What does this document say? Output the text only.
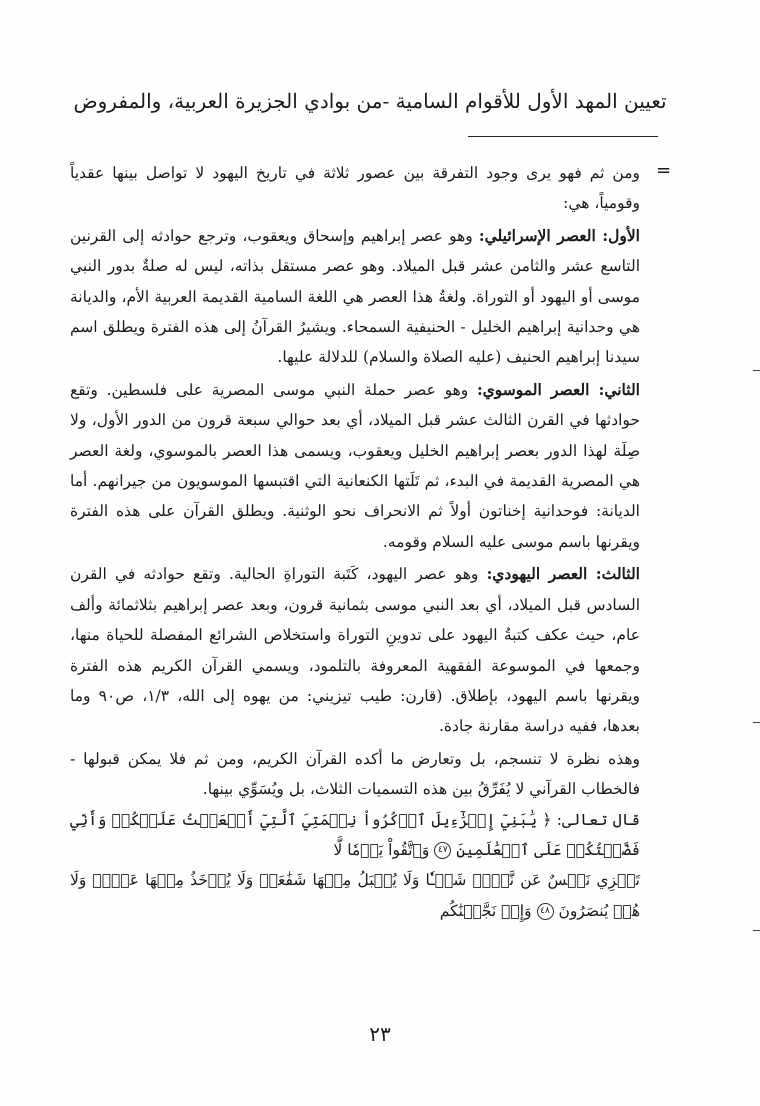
تعيين المهد الأول للأقوام السامية -من بوادي الجزيرة العربية، والمفروض
=

ومن ثم فهو يرى وجود التفرقة بين عصور ثلاثة في تاريخ اليهود لا تواصل بينها عقدياً وقومياً، هي:

الأول: العصر الإسرائيلي: وهو عصر إبراهيم وإسحاق ويعقوب، وترجع حوادثه إلى القرنين التاسع عشر والثامن عشر قبل الميلاد. وهو عصر مستقل بذاته، ليس له صلةٌ بدور النبي موسى أو اليهود أو التوراة. ولغةُ هذا العصر هي اللغة السامية القديمة العربية الأم، والديانة هي وحدانية إبراهيم الخليل - الحنيفية السمحاء. ويشيرُ القرآنُ إلى هذه الفترة ويطلق اسم سيدنا إبراهيم الحنيف (عليه الصلاة والسلام) للدلالة عليها.

الثاني: العصر الموسوي: وهو عصر حملة النبي موسى المصرية على فلسطين. وتقع حوادثها في القرن الثالث عشر قبل الميلاد، أي بعد حوالي سبعة قرون من الدور الأول، ولا صِلَة لهذا الدور بعصر إبراهيم الخليل ويعقوب، ويسمى هذا العصر بالموسوي، ولغة العصر هي المصرية القديمة في البدء، ثم تَلَتها الكنعانية التي اقتبسها الموسويون من جيرانهم. أما الديانة: فوحدانية إخناتون أولاً ثم الانحراف نحو الوثنية. ويطلق القرآن على هذه الفترة ويقرنها باسم موسى عليه السلام وقومه.

الثالث: العصر اليهودي: وهو عصر اليهود، كَتَبة التوراةِ الحالية. وتقع حوادثه في القرن السادس قبل الميلاد، أي بعد النبي موسى بثمانية قرون، وبعد عصر إبراهيم بثلاثمائة وألف عام، حيث عكف كتبةُ اليهود على تدوينِ التوراة واستخلاص الشرائع المفصلة للحياة منها، وجمعها في الموسوعة الفقهية المعروفة بالتلمود، ويسمي القرآن الكريم هذه الفترة ويقرنها باسم اليهود، بإطلاق. (قارن: طيب تيزيني: من يهوه إلى الله، ١/٣، ص٩٠ وما بعدها، ففيه دراسة مقارنة جادة.

وهذه نظرة لا تنسجم، بل وتعارض ما أكده القرآن الكريم، ومن ثم فلا يمكن قبولها - فالخطاب القرآني لا يُفَرِّقُ بين هذه التسميات الثلاث، بل ويُسَوِّي بينها.

قال تعالى: ﴿ يَٰبَنِيٓ إِسۡرَٰٓءِيلَ ٱذۡكُرُواْ نِعۡمَتِيَ ٱلَّتِيٓ أَنۡعَمۡتُ عَلَيۡكُمۡ وَأَنِّي فَضَّلۡتُكُمۡ عَلَى ٱلۡعَٰلَمِينَ ٤٧ وَٱتَّقُواْ يَوۡمٗا لَّا

تَجۡزِي نَفۡسٌ عَن نَّفۡسٖ شَيۡـٔٗا وَلَا يُقۡبَلُ مِنۡهَا شَفَٰعَةٞ وَلَا يُؤۡخَذُ مِنۡهَا عَدۡلٞ وَلَا هُمۡ يُنصَرُونَ ٤٨ وَإِذۡ نَجَّيۡنَٰكُم

٢٣
